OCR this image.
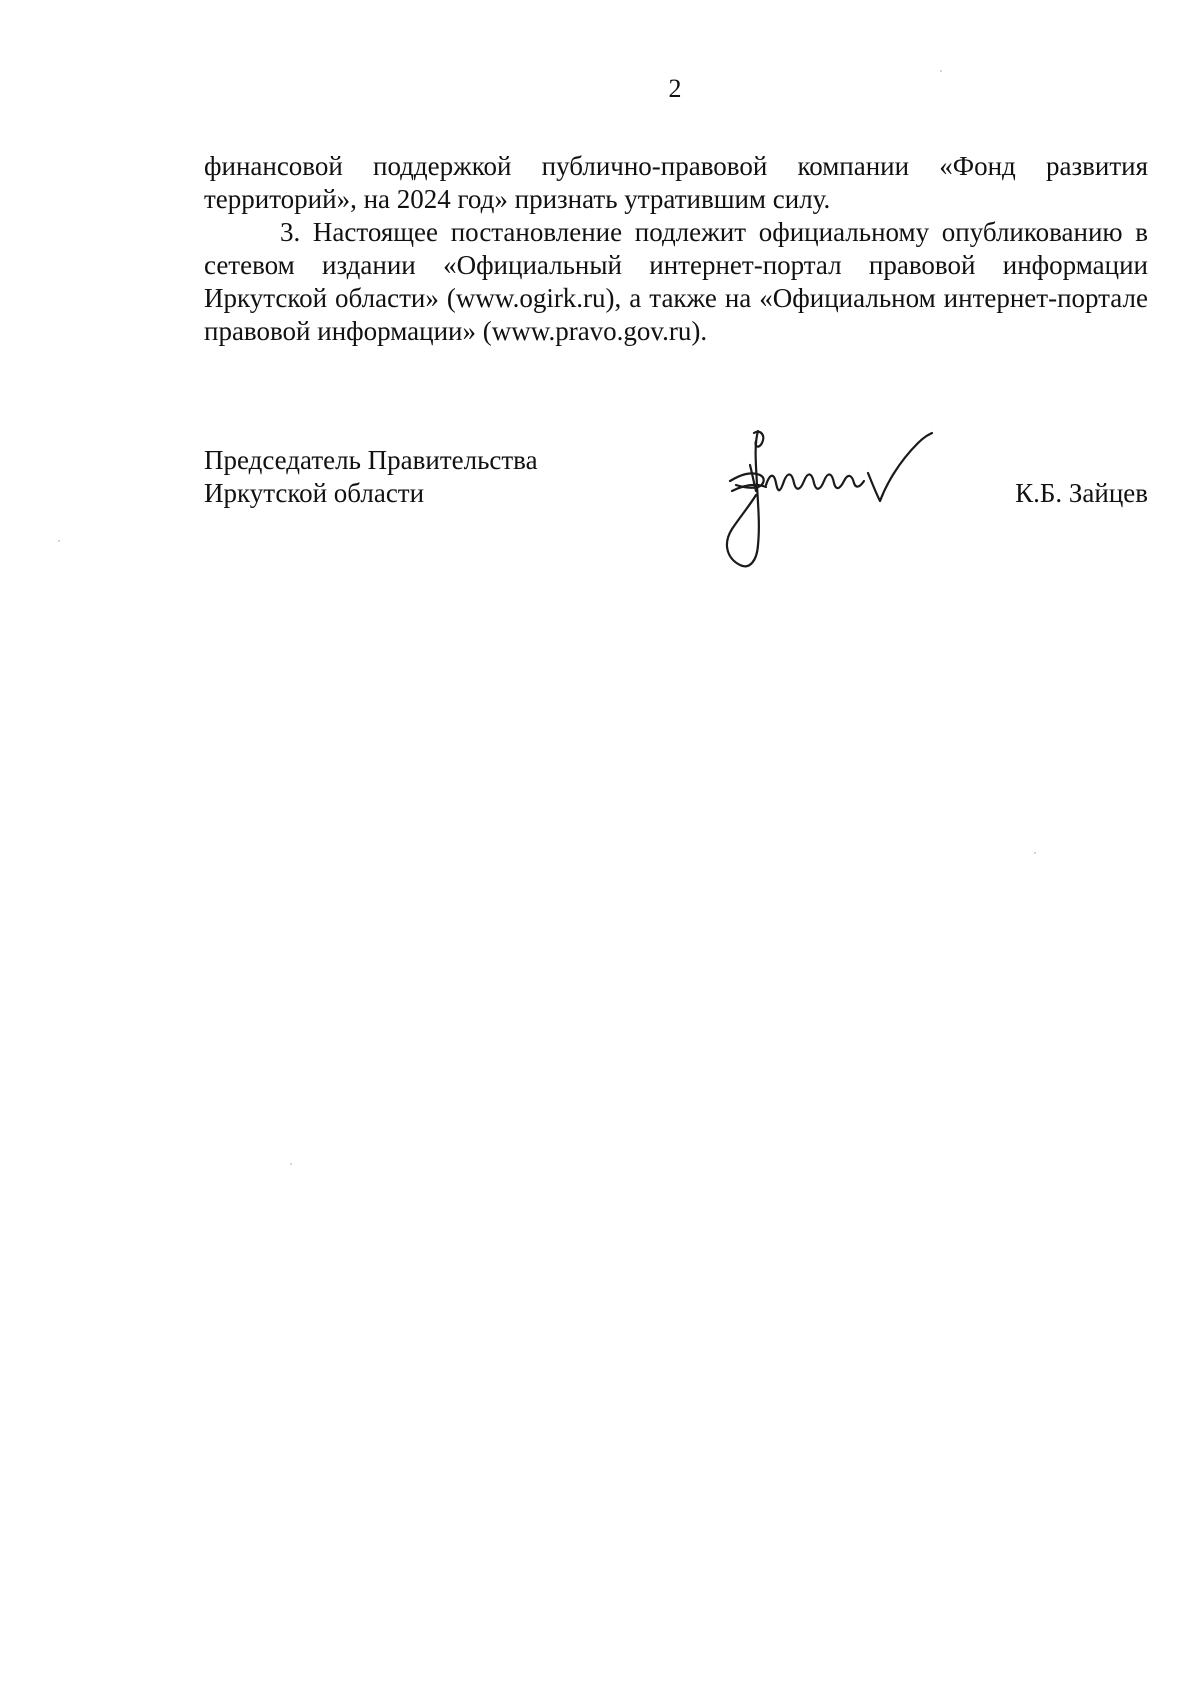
2

финансовой поддержкой публично-правовой компании «Фонд развития территорий», на 2024 год» признать утратившим силу.

3. Настоящее постановление подлежит официальному опубликованию в сетевом издании «Официальный интернет-портал правовой информации Иркутской области» (www.ogirk.ru), а также на «Официальном интернет-портале правовой информации» (www.pravo.gov.ru).

Председатель Правительства
Иркутской области	К.Б. Зайцев
